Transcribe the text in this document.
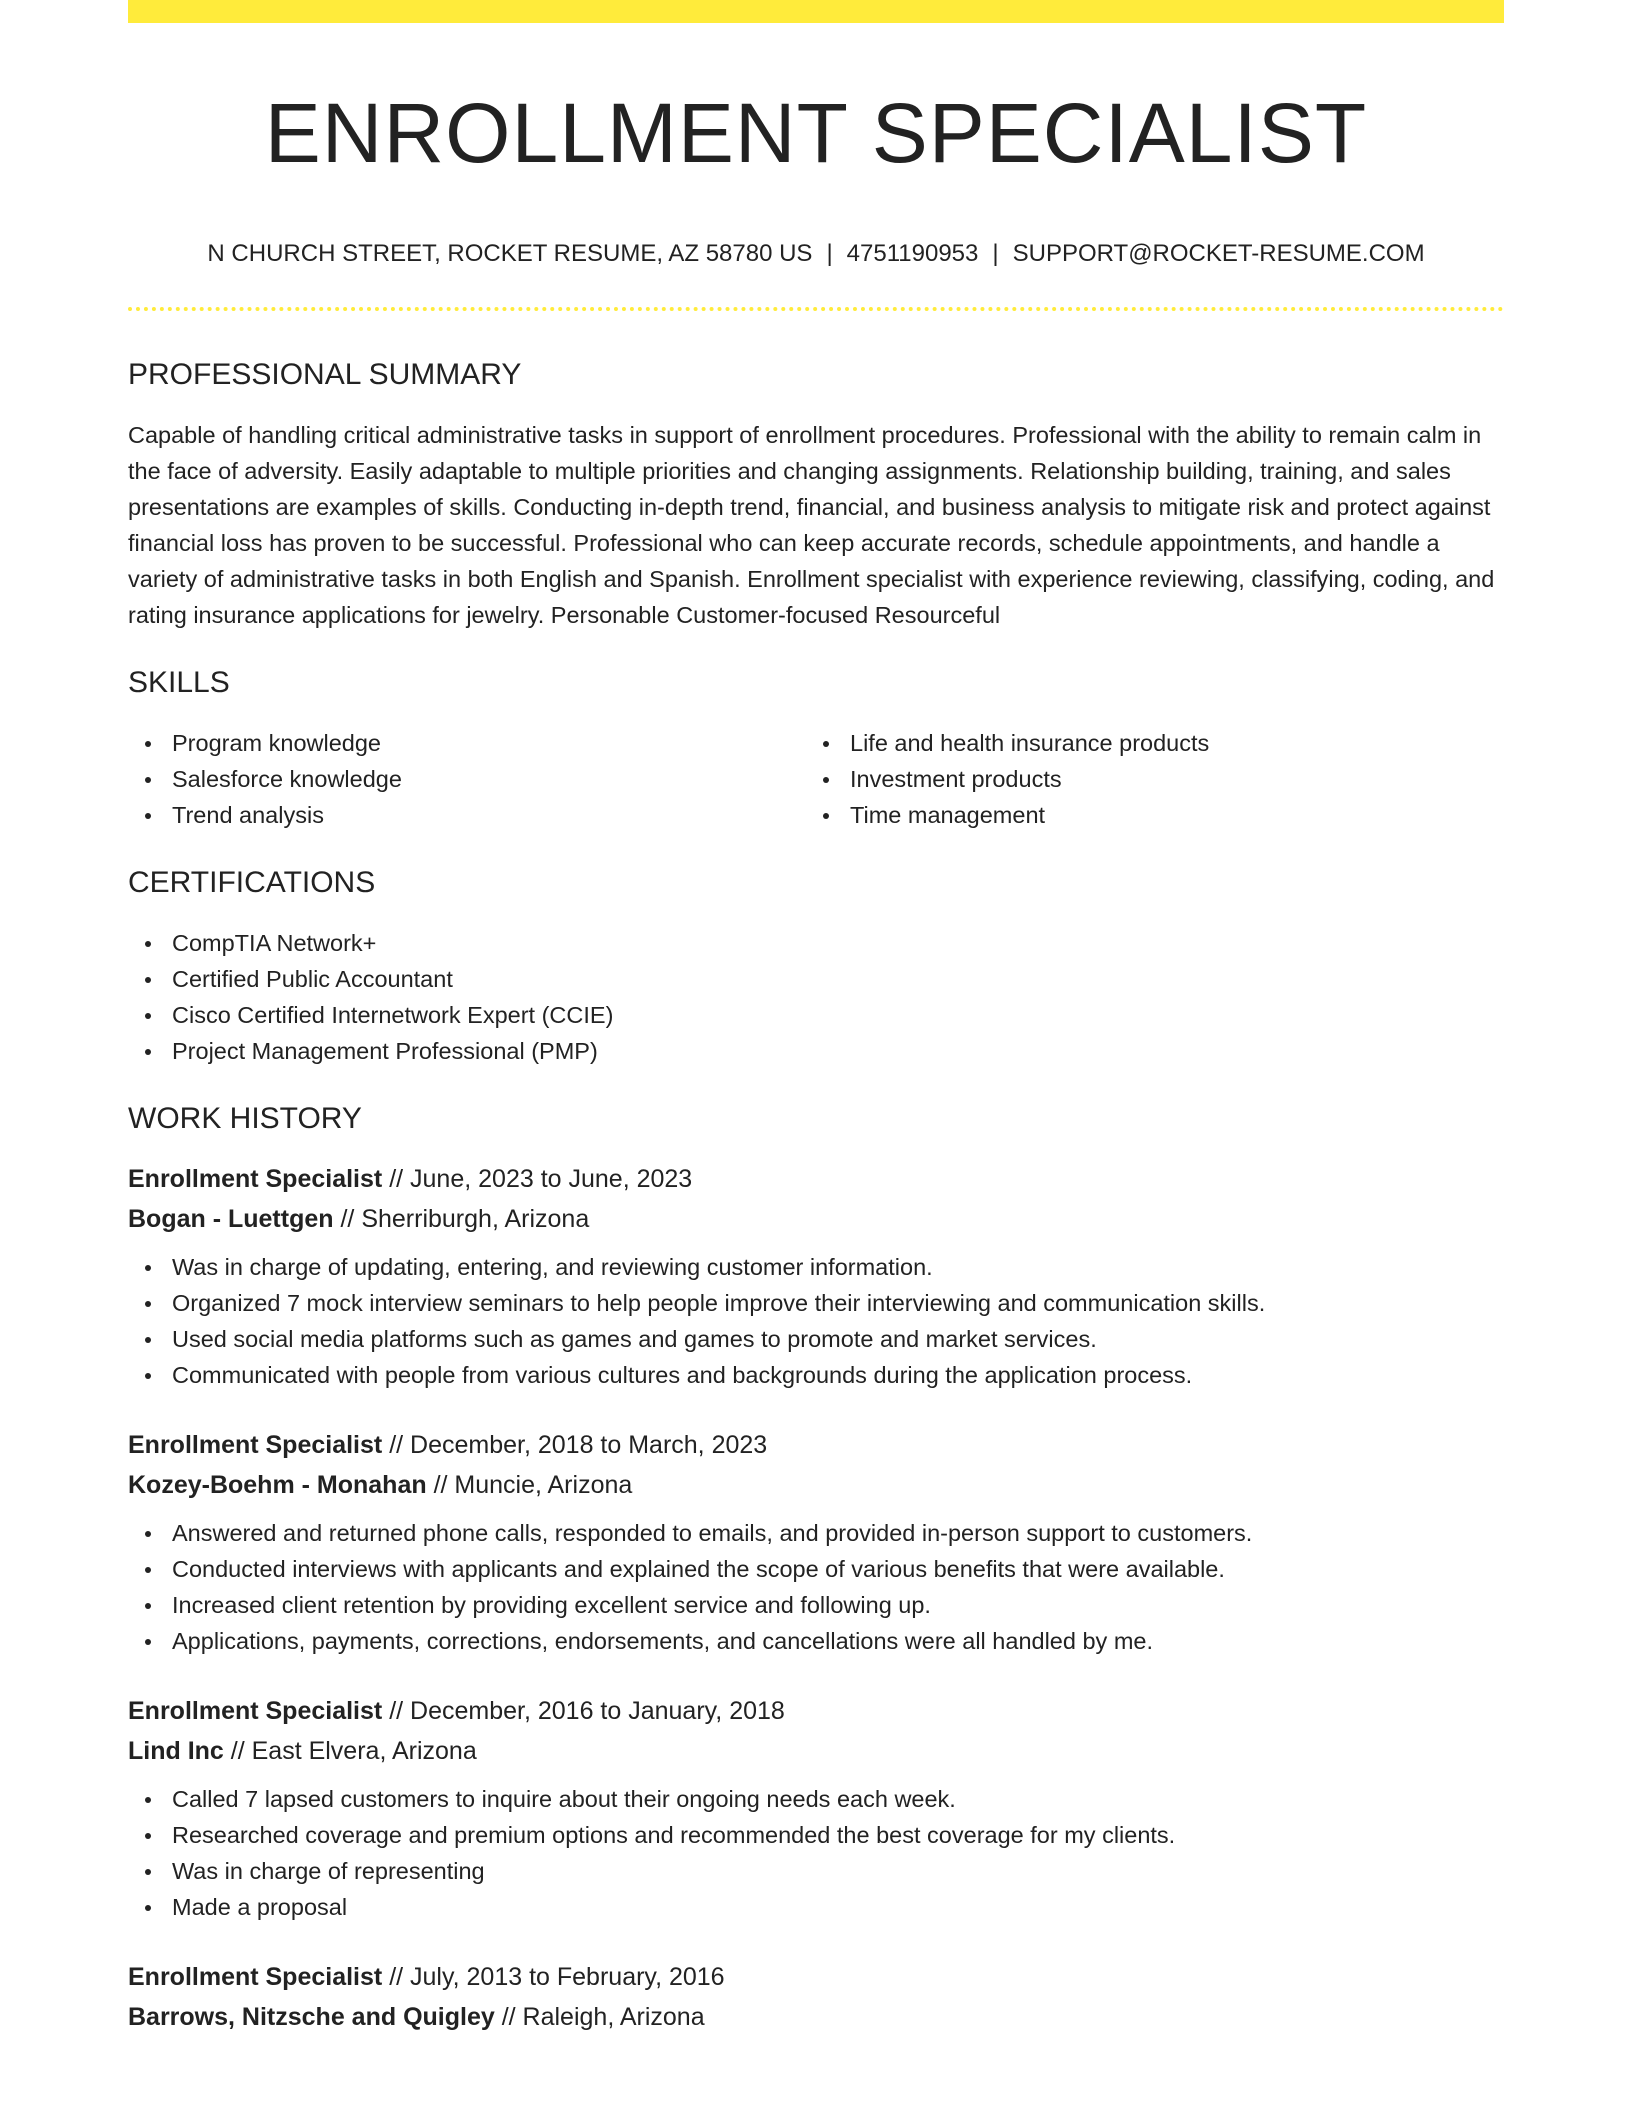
ENROLLMENT SPECIALIST
N CHURCH STREET, ROCKET RESUME, AZ 58780 US | 4751190953 | SUPPORT@ROCKET-RESUME.COM
PROFESSIONAL SUMMARY

Capable of handling critical administrative tasks in support of enrollment procedures. Professional with the ability to remain calm in the face of adversity. Easily adaptable to multiple priorities and changing assignments. Relationship building, training, and sales presentations are examples of skills. Conducting in-depth trend, financial, and business analysis to mitigate risk and protect against financial loss has proven to be successful. Professional who can keep accurate records, schedule appointments, and handle a variety of administrative tasks in both English and Spanish. Enrollment specialist with experience reviewing, classifying, coding, and rating insurance applications for jewelry. Personable Customer-focused Resourceful

SKILLS
Program knowledge
Salesforce knowledge
Trend analysis
Life and health insurance products
Investment products
Time management
CERTIFICATIONS
CompTIA Network+
Certified Public Accountant
Cisco Certified Internetwork Expert (CCIE)
Project Management Professional (PMP)
WORK HISTORY
Enrollment Specialist // June, 2023 to June, 2023
Bogan - Luettgen // Sherriburgh, Arizona
Was in charge of updating, entering, and reviewing customer information.
Organized 7 mock interview seminars to help people improve their interviewing and communication skills.
Used social media platforms such as games and games to promote and market services.
Communicated with people from various cultures and backgrounds during the application process.
Enrollment Specialist // December, 2018 to March, 2023
Kozey-Boehm - Monahan // Muncie, Arizona
Answered and returned phone calls, responded to emails, and provided in-person support to customers.
Conducted interviews with applicants and explained the scope of various benefits that were available.
Increased client retention by providing excellent service and following up.
Applications, payments, corrections, endorsements, and cancellations were all handled by me.
Enrollment Specialist // December, 2016 to January, 2018
Lind Inc // East Elvera, Arizona
Called 7 lapsed customers to inquire about their ongoing needs each week.
Researched coverage and premium options and recommended the best coverage for my clients.
Was in charge of representing
Made a proposal
Enrollment Specialist // July, 2013 to February, 2016
Barrows, Nitzsche and Quigley // Raleigh, Arizona
